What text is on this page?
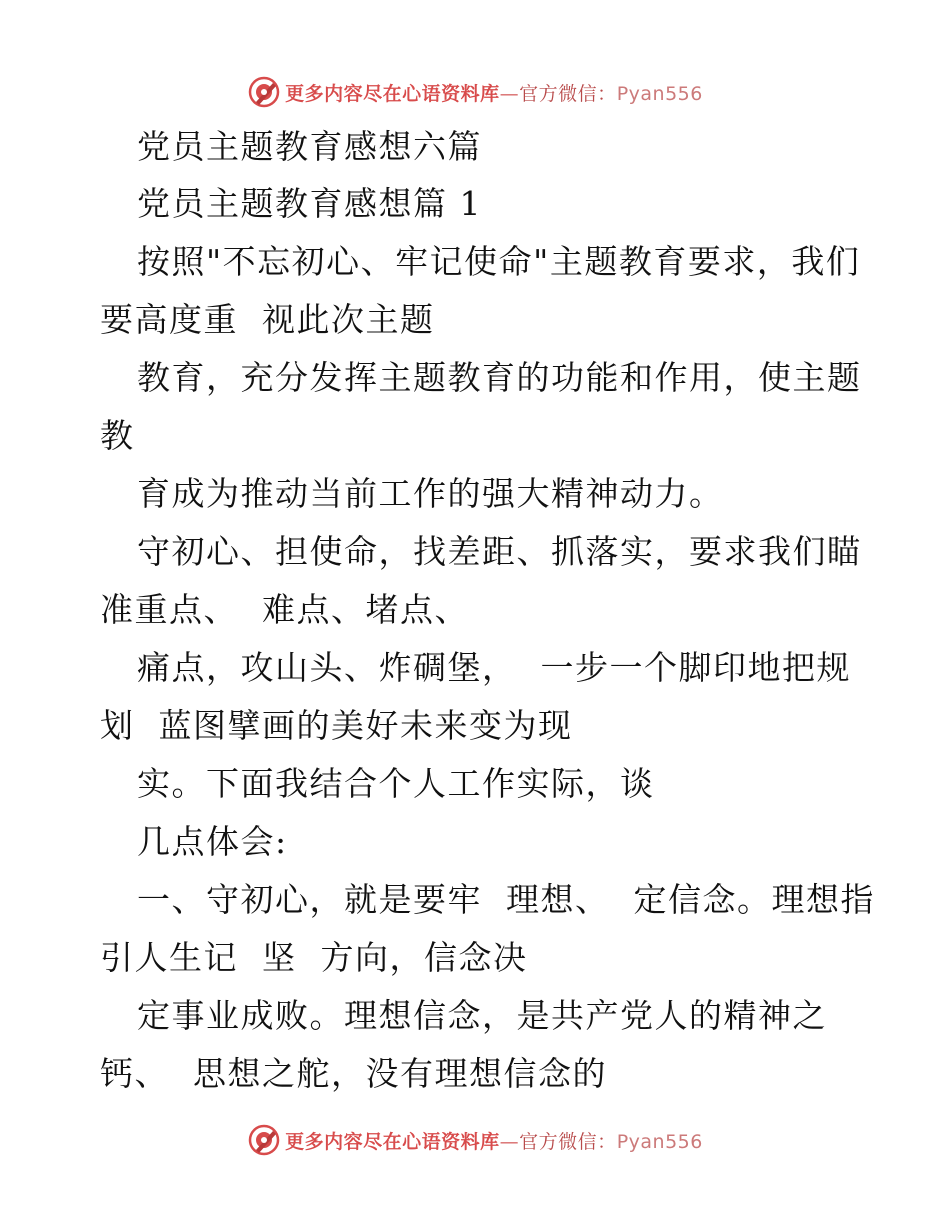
更多内容尽在心语资料库—官方微信：Pyan556
党员主题教育感想六篇
党员主题教育感想篇 1
按照"不忘初心、牢记使命"主题教育要求，我们
要高度重  视此次主题
教育，充分发挥主题教育的功能和作用，使主题
教
育成为推动当前工作的强大精神动力。
守初心、担使命，找差距、抓落实，要求我们瞄
准重点、  难点、堵点、
痛点，攻山头、炸碉堡，  一步一个脚印地把规
划  蓝图擘画的美好未来变为现
实。下面我结合个人工作实际，谈
几点体会:
一、守初心，就是要牢  理想、  定信念。理想指
引人生记  坚  方向，信念决
定事业成败。理想信念，是共产党人的精神之
钙、  思想之舵，没有理想信念的
更多内容尽在心语资料库—官方微信：Pyan556
